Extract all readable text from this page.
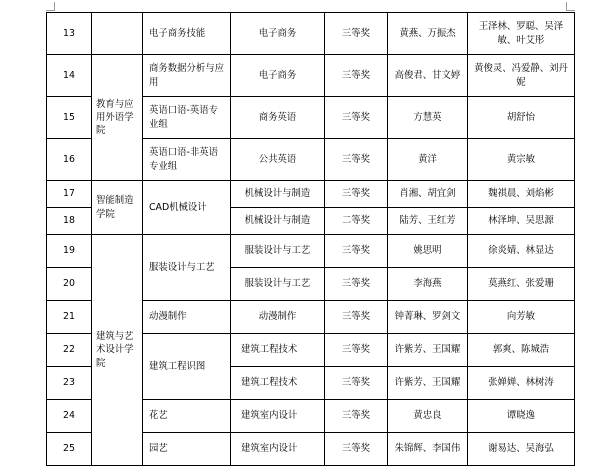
13		电子商务技能	电子商务	三等奖	黄燕、万振杰	王泽林、罗聪、吴泽敏、叶艾彤
14	教育与应用外语学院	商务数据分析与应用	电子商务	三等奖	高俊君、甘文婷	黄俊灵、冯爱静、刘丹妮
15		英语口语-英语专业组	商务英语	三等奖	方慧英	胡舒怡
16		英语口语-非英语专业组	公共英语	三等奖	黄洋	黄宗敏
17	智能制造学院	CAD机械设计	机械设计与制造	三等奖	肖湘、胡宜剑	魏祺晨、刘焰彬
18			机械设计与制造	二等奖	陆芳、王红芳	林泽坤、吴思源
19	建筑与艺术设计学院	服装设计与工艺	服装设计与工艺	三等奖	姚思明	徐炎婧、林显达
20			服装设计与工艺	三等奖	李海燕	莫燕红、张爱珊
21		动漫制作	动漫制作	三等奖	钟菁琳、罗剑文	向芳敏
22		建筑工程识图	建筑工程技术	三等奖	许紫芳、王国耀	郭爽、陈城浩
23			建筑工程技术	三等奖	许紫芳、王国耀	张婵婵、林树涛
24		花艺	建筑室内设计	三等奖	黄忠良	谭晓逸
25		园艺	建筑室内设计	三等奖	朱锦辉、李国伟	谢易达、吴海弘
